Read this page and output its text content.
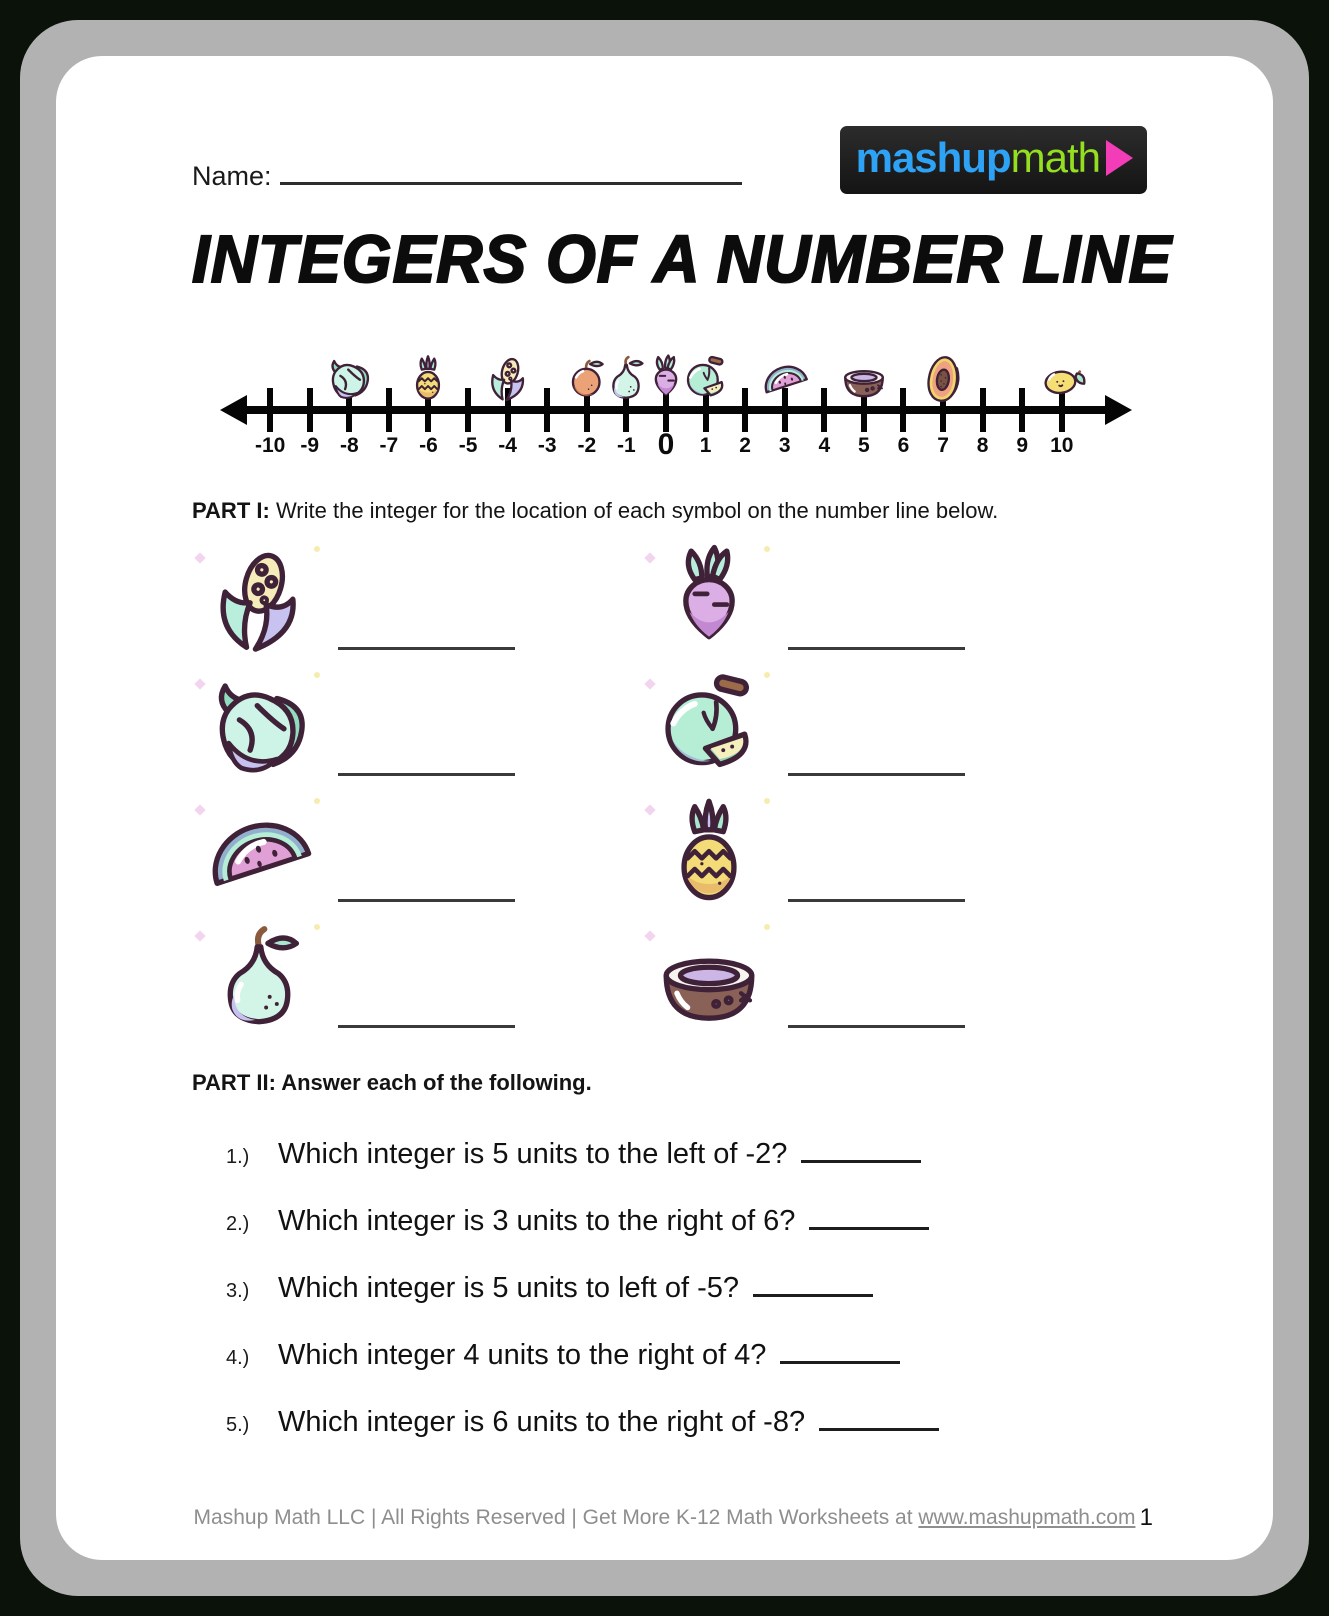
Name:	mashup math
INTEGERS OF A NUMBER LINE
-10 -9 -8 -7 -6 -5 -4 -3 -2 -1 0 1 2 3 4 5 6 7 8 9 10

PART I: Write the integer for the location of each symbol on the number line below.

PART II: Answer each of the following.

1.) Which integer is 5 units to the left of -2?
2.) Which integer is 3 units to the right of 6?
3.) Which integer is 5 units to left of -5?
4.) Which integer 4 units to the right of 4?
5.) Which integer is 6 units to the right of -8?
Mashup Math LLC | All Rights Reserved | Get More K-12 Math Worksheets at www.mashupmath.com 1
